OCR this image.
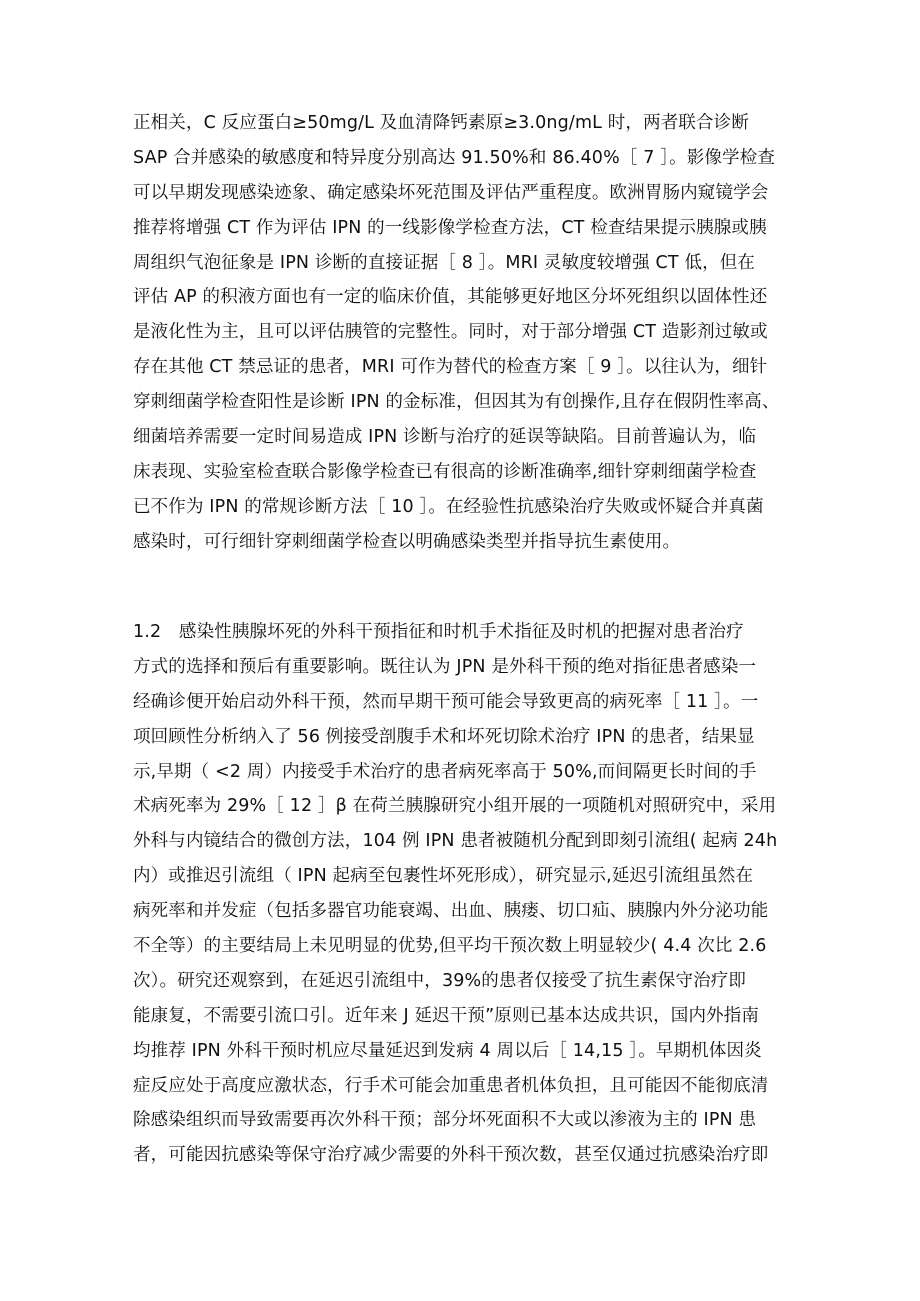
正相关，C 反应蛋白≥50mg/L 及血清降钙素原≥3.0ng/mL 时，两者联合诊断
SAP 合并感染的敏感度和特异度分别高达 91.50%和 86.40%［ 7 ］。影像学检查
可以早期发现感染迹象、确定感染坏死范围及评估严重程度。欧洲胃肠内窥镜学会
推荐将增强 CT 作为评估 IPN 的一线影像学检查方法，CT 检查结果提示胰腺或胰
周组织气泡征象是 IPN 诊断的直接证据［ 8 ］。MRI 灵敏度较增强 CT 低，但在
评估 AP 的积液方面也有一定的临床价值，其能够更好地区分坏死组织以固体性还
是液化性为主，且可以评估胰管的完整性。同时，对于部分增强 CT 造影剂过敏或
存在其他 CT 禁忌证的患者，MRI 可作为替代的检查方案［ 9 ］。以往认为，细针
穿刺细菌学检查阳性是诊断 IPN 的金标准，但因其为有创操作,且存在假阴性率高、
细菌培养需要一定时间易造成 IPN 诊断与治疗的延误等缺陷。目前普遍认为，临
床表现、实验室检查联合影像学检查已有很高的诊断准确率,细针穿刺细菌学检查
已不作为 IPN 的常规诊断方法［ 10 ］。在经验性抗感染治疗失败或怀疑合并真菌
感染时，可行细针穿刺细菌学检查以明确感染类型并指导抗生素使用。
1.2　感染性胰腺坏死的外科干预指征和时机手术指征及时机的把握对患者治疗
方式的选择和预后有重要影响。既往认为 JPN 是外科干预的绝对指征患者感染一
经确诊便开始启动外科干预，然而早期干预可能会导致更高的病死率［ 11 ］。一
项回顾性分析纳入了 56 例接受剖腹手术和坏死切除术治疗 IPN 的患者，结果显
示,早期（ <2 周）内接受手术治疗的患者病死率高于 50%,而间隔更长时间的手
术病死率为 29%［ 12 ］β 在荷兰胰腺研究小组开展的一项随机对照研究中，采用
外科与内镜结合的微创方法，104 例 IPN 患者被随机分配到即刻引流组( 起病 24h
内）或推迟引流组（ IPN 起病至包裹性坏死形成），研究显示,延迟引流组虽然在
病死率和并发症（包括多器官功能衰竭、出血、胰瘘、切口疝、胰腺内外分泌功能
不全等）的主要结局上未见明显的优势,但平均干预次数上明显较少( 4.4 次比 2.6
次）。研究还观察到，在延迟引流组中，39%的患者仅接受了抗生素保守治疗即
能康复，不需要引流口引。近年来 J 延迟干预”原则已基本达成共识，国内外指南
均推荐 IPN 外科干预时机应尽量延迟到发病 4 周以后［ 14,15 ］。早期机体因炎
症反应处于高度应激状态，行手术可能会加重患者机体负担，且可能因不能彻底清
除感染组织而导致需要再次外科干预；部分坏死面积不大或以渗液为主的 IPN 患
者，可能因抗感染等保守治疗减少需要的外科干预次数，甚至仅通过抗感染治疗即
